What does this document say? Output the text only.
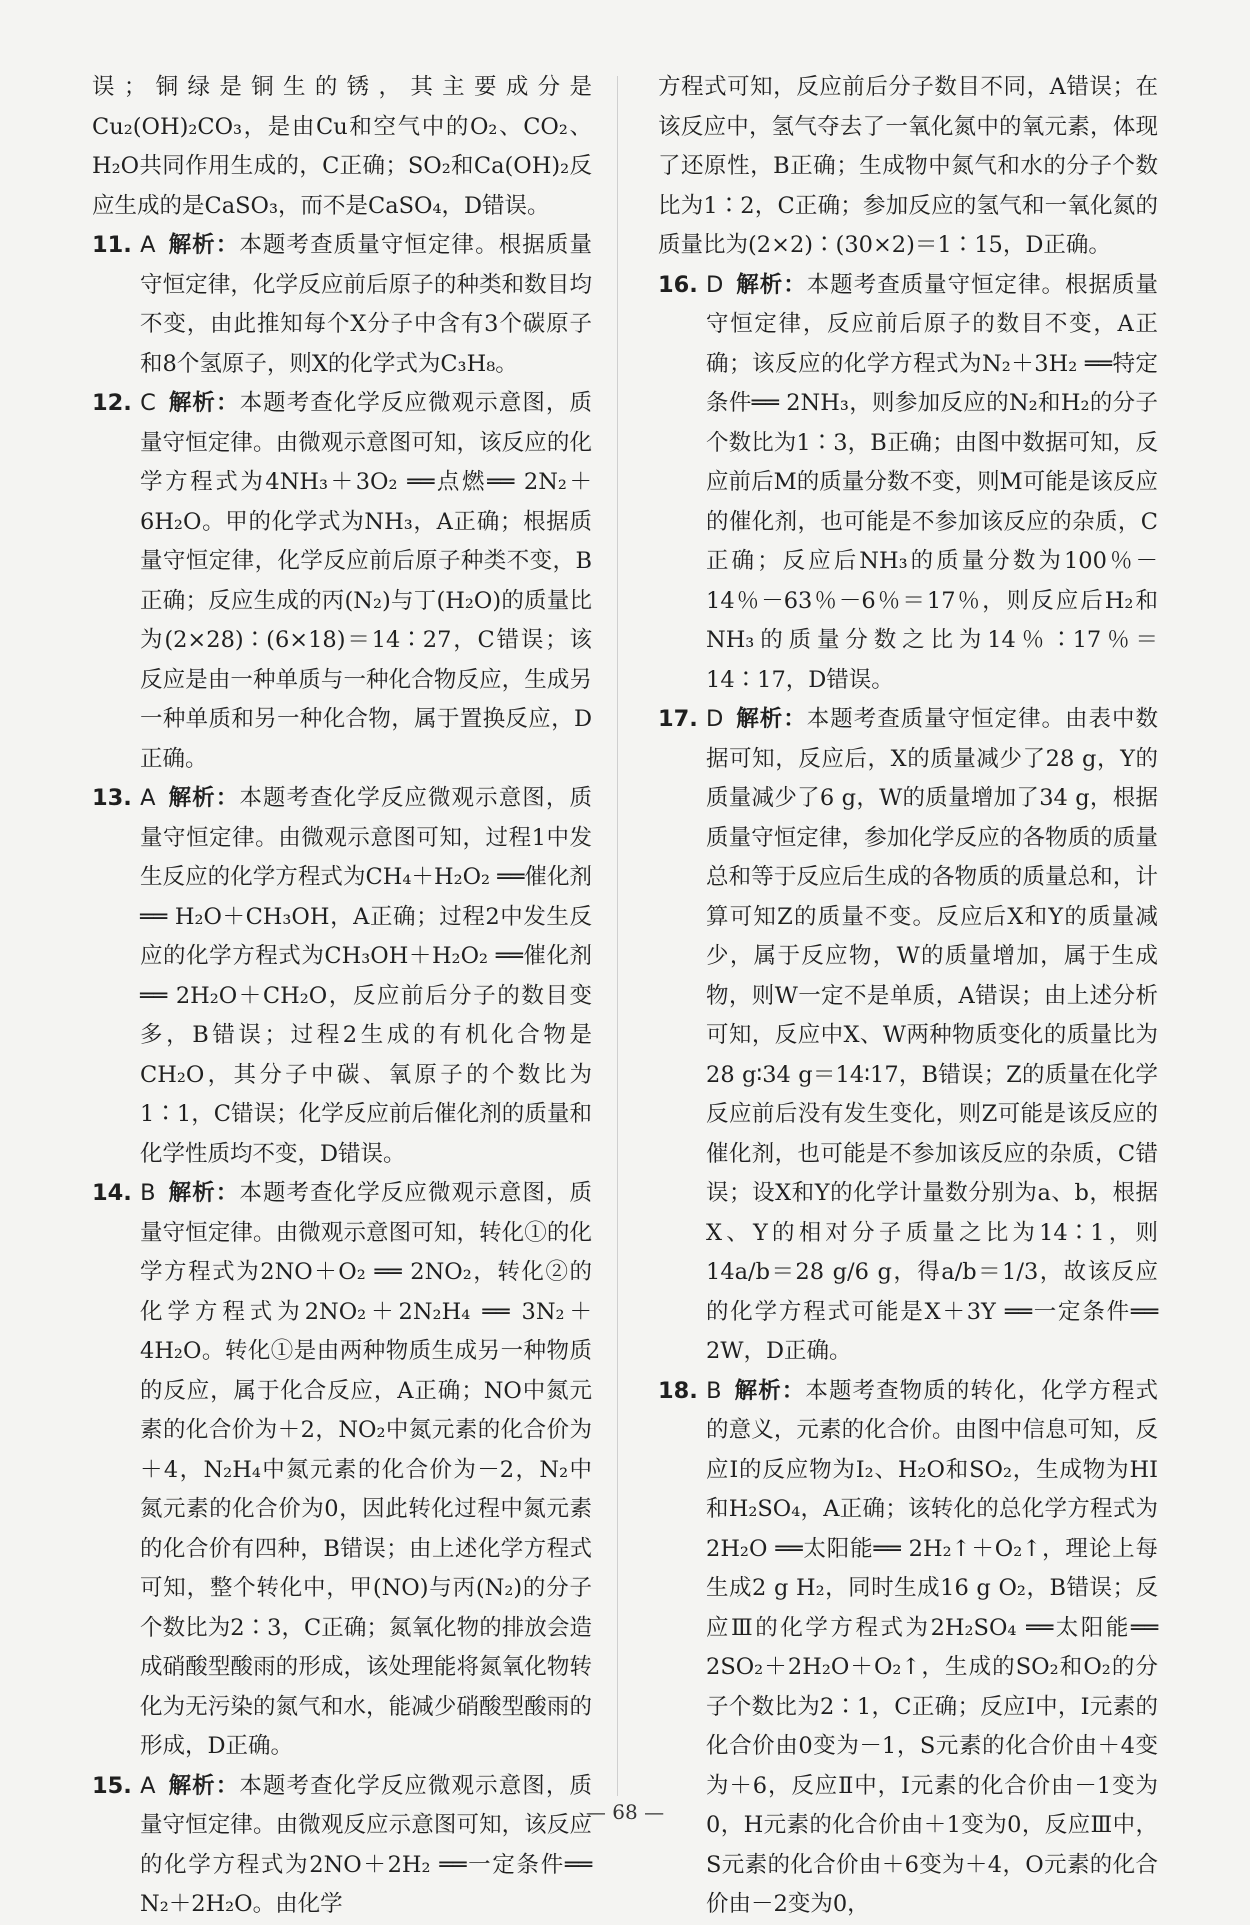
误；铜绿是铜生的锈，其主要成分是Cu₂(OH)₂CO₃，是由Cu和空气中的O₂、CO₂、H₂O共同作用生成的，C正确；SO₂和Ca(OH)₂反应生成的是CaSO₃，而不是CaSO₄，D错误。

11. A 解析：本题考查质量守恒定律。根据质量守恒定律，化学反应前后原子的种类和数目均不变，由此推知每个X分子中含有3个碳原子和8个氢原子，则X的化学式为C₃H₈。

12. C 解析：本题考查化学反应微观示意图，质量守恒定律。由微观示意图可知，该反应的化学方程式为4NH₃＋3O₂ ══点燃══ 2N₂＋6H₂O。甲的化学式为NH₃，A正确；根据质量守恒定律，化学反应前后原子种类不变，B正确；反应生成的丙(N₂)与丁(H₂O)的质量比为(2×28)∶(6×18)＝14∶27，C错误；该反应是由一种单质与一种化合物反应，生成另一种单质和另一种化合物，属于置换反应，D正确。

13. A 解析：本题考查化学反应微观示意图，质量守恒定律。由微观示意图可知，过程1中发生反应的化学方程式为CH₄＋H₂O₂ ══催化剂══ H₂O＋CH₃OH，A正确；过程2中发生反应的化学方程式为CH₃OH＋H₂O₂ ══催化剂══ 2H₂O＋CH₂O，反应前后分子的数目变多，B错误；过程2生成的有机化合物是CH₂O，其分子中碳、氧原子的个数比为1∶1，C错误；化学反应前后催化剂的质量和化学性质均不变，D错误。

14. B 解析：本题考查化学反应微观示意图，质量守恒定律。由微观示意图可知，转化①的化学方程式为2NO＋O₂ ══ 2NO₂，转化②的化学方程式为2NO₂＋2N₂H₄ ══ 3N₂＋4H₂O。转化①是由两种物质生成另一种物质的反应，属于化合反应，A正确；NO中氮元素的化合价为＋2，NO₂中氮元素的化合价为＋4，N₂H₄中氮元素的化合价为－2，N₂中氮元素的化合价为0，因此转化过程中氮元素的化合价有四种，B错误；由上述化学方程式可知，整个转化中，甲(NO)与丙(N₂)的分子个数比为2∶3，C正确；氮氧化物的排放会造成硝酸型酸雨的形成，该处理能将氮氧化物转化为无污染的氮气和水，能减少硝酸型酸雨的形成，D正确。

15. A 解析：本题考查化学反应微观示意图，质量守恒定律。由微观反应示意图可知，该反应的化学方程式为2NO＋2H₂ ══一定条件══ N₂＋2H₂O。由化学

方程式可知，反应前后分子数目不同，A错误；在该反应中，氢气夺去了一氧化氮中的氧元素，体现了还原性，B正确；生成物中氮气和水的分子个数比为1∶2，C正确；参加反应的氢气和一氧化氮的质量比为(2×2)∶(30×2)＝1∶15，D正确。

16. D 解析：本题考查质量守恒定律。根据质量守恒定律，反应前后原子的数目不变，A正确；该反应的化学方程式为N₂＋3H₂ ══特定条件══ 2NH₃，则参加反应的N₂和H₂的分子个数比为1∶3，B正确；由图中数据可知，反应前后M的质量分数不变，则M可能是该反应的催化剂，也可能是不参加该反应的杂质，C正确；反应后NH₃的质量分数为100％－14％－63％－6％＝17％，则反应后H₂和NH₃的质量分数之比为14％∶17％＝14∶17，D错误。

17. D 解析：本题考查质量守恒定律。由表中数据可知，反应后，X的质量减少了28 g，Y的质量减少了6 g，W的质量增加了34 g，根据质量守恒定律，参加化学反应的各物质的质量总和等于反应后生成的各物质的质量总和，计算可知Z的质量不变。反应后X和Y的质量减少，属于反应物，W的质量增加，属于生成物，则W一定不是单质，A错误；由上述分析可知，反应中X、W两种物质变化的质量比为28 g∶34 g＝14∶17，B错误；Z的质量在化学反应前后没有发生变化，则Z可能是该反应的催化剂，也可能是不参加该反应的杂质，C错误；设X和Y的化学计量数分别为a、b，根据X、Y的相对分子质量之比为14∶1，则14a/b＝28 g/6 g，得a/b＝1/3，故该反应的化学方程式可能是X＋3Y ══一定条件══ 2W，D正确。

18. B 解析：本题考查物质的转化，化学方程式的意义，元素的化合价。由图中信息可知，反应Ⅰ的反应物为I₂、H₂O和SO₂，生成物为HI和H₂SO₄，A正确；该转化的总化学方程式为2H₂O ══太阳能══ 2H₂↑＋O₂↑，理论上每生成2 g H₂，同时生成16 g O₂，B错误；反应Ⅲ的化学方程式为2H₂SO₄ ══太阳能══ 2SO₂＋2H₂O＋O₂↑，生成的SO₂和O₂的分子个数比为2∶1，C正确；反应Ⅰ中，I元素的化合价由0变为－1，S元素的化合价由＋4变为＋6，反应Ⅱ中，I元素的化合价由－1变为0，H元素的化合价由＋1变为0，反应Ⅲ中，S元素的化合价由＋6变为＋4，O元素的化合价由－2变为0，

— 68 —
